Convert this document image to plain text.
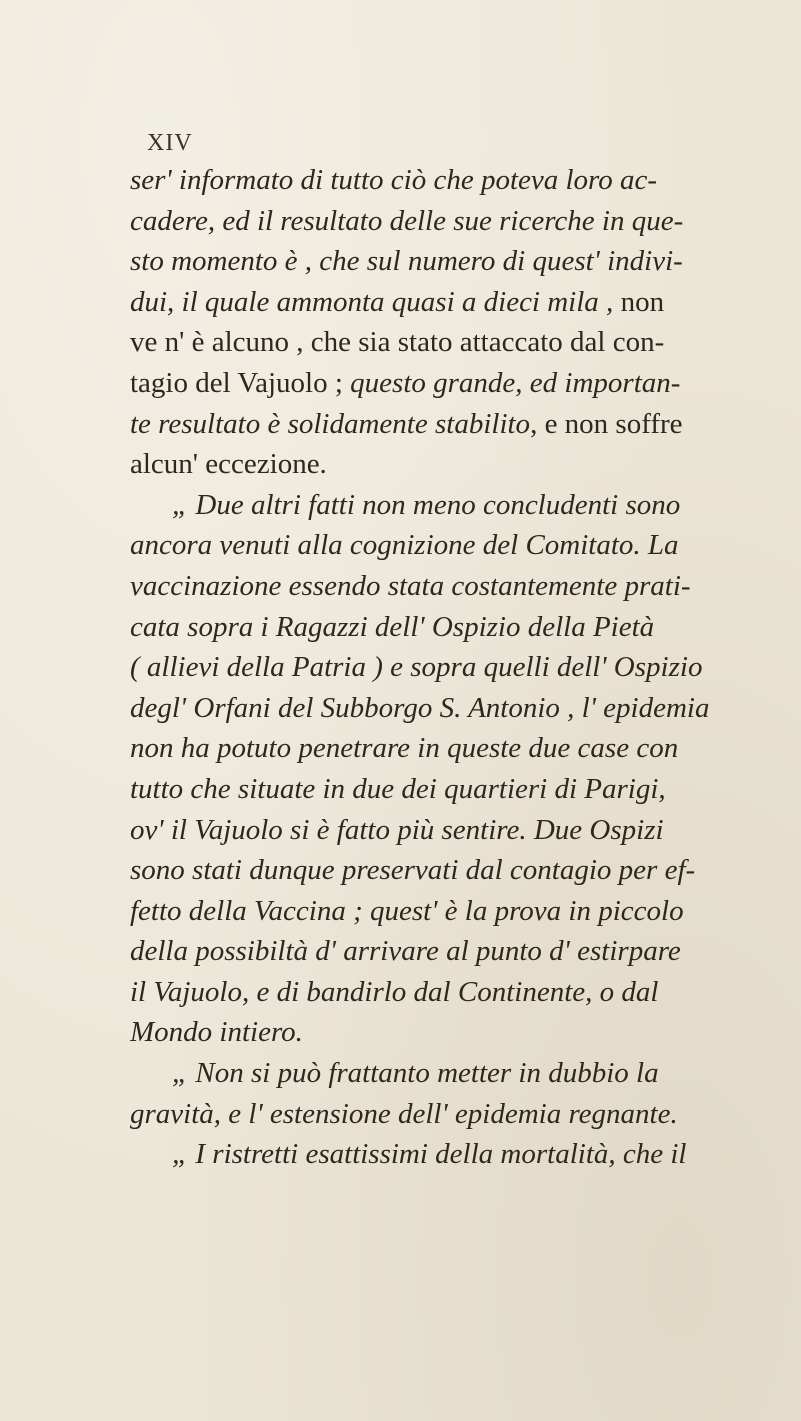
XIV
ser' informato di tutto ciò che poteva loro ac-
cadere, ed il resultato delle sue ricerche in que-
sto momento è , che sul numero di quest' indivi-
dui, il quale ammonta quasi a dieci mila , non
ve n' è alcuno , che sia stato attaccato dal con-
tagio del Vajuolo ; questo grande, ed importan-
te resultato è solidamente stabilito, e non soffre
alcun' eccezione.
„ Due altri fatti non meno concludenti sono
ancora venuti alla cognizione del Comitato. La
vaccinazione essendo stata costantemente prati-
cata sopra i Ragazzi dell' Ospizio della Pietà
( allievi della Patria ) e sopra quelli dell' Ospizio
degl' Orfani del Subborgo S. Antonio , l' epidemia
non ha potuto penetrare in queste due case con
tutto che situate in due dei quartieri di Parigi,
ov' il Vajuolo si è fatto più sentire. Due Ospizi
sono stati dunque preservati dal contagio per ef-
fetto della Vaccina ; quest' è la prova in piccolo
della possibiltà d' arrivare al punto d' estirpare
il Vajuolo, e di bandirlo dal Continente, o dal
Mondo intiero.
„ Non si può frattanto metter in dubbio la
gravità, e l' estensione dell' epidemia regnante.
„ I ristretti esattissimi della mortalità, che il
